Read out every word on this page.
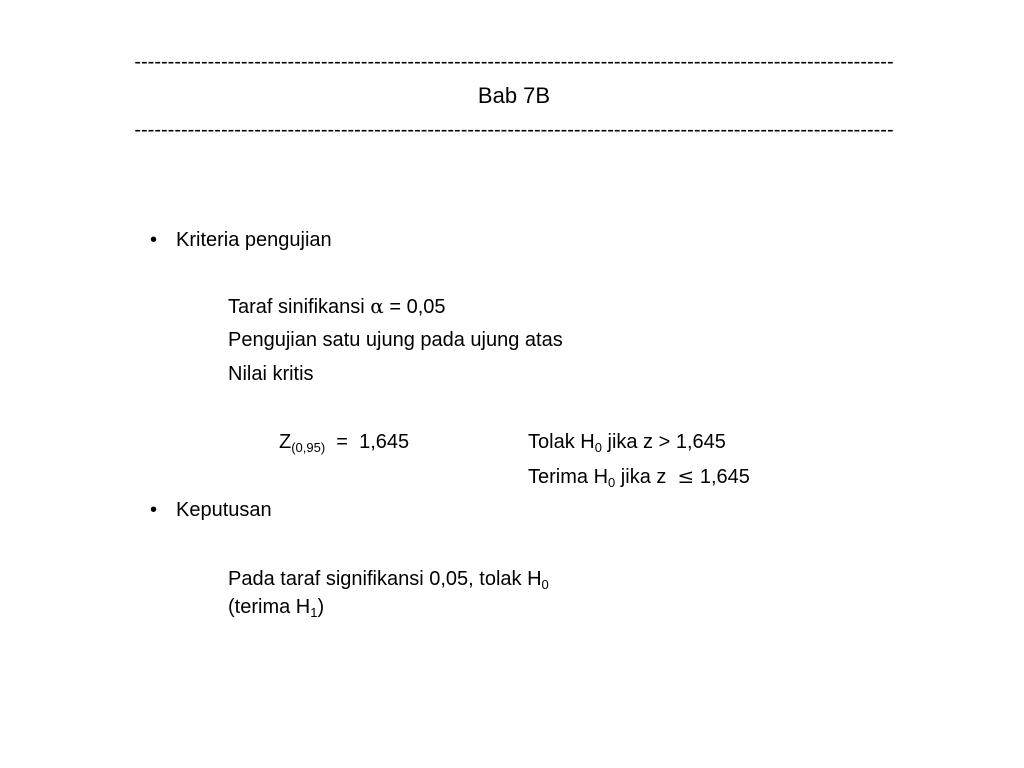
------------------------------------------------------------------------------------------------------------------
Bab 7B
------------------------------------------------------------------------------------------------------------------
• Kriteria pengujian
Taraf sinifikansi α = 0,05
Pengujian satu ujung pada ujung atas
Nilai kritis
$Z_{(0,95)} = 1,645$	Tolak $H_0$ jika z > 1,645
Terima $H_0$ jika z  ≤ 1,645
• Keputusan
Pada taraf signifikansi 0,05, tolak $H_0$
(terima $H_1$)
